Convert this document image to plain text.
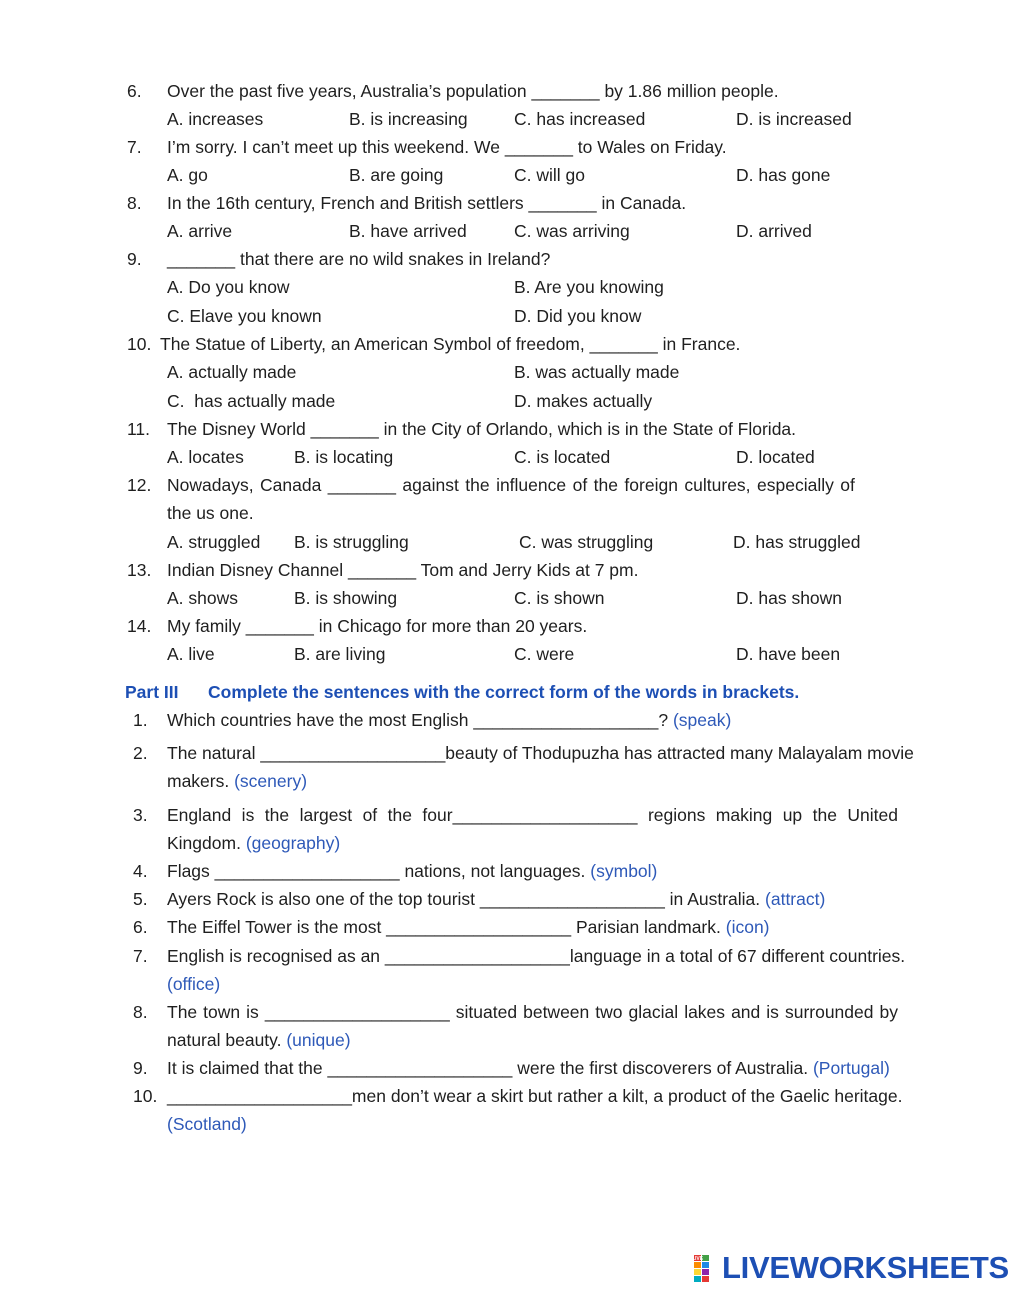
6.	Over the past five years, Australia’s population _______ by 1.86 million people.
A. increases	B. is increasing	C. has increased	D. is increased
7.	I’m sorry. I can’t meet up this weekend. We _______ to Wales on Friday.
A. go	B. are going	C. will go	D. has gone
8.	In the 16th century, French and British settlers _______ in Canada.
A. arrive	B. have arrived	C. was arriving	D. arrived
9.	_______ that there are no wild snakes in Ireland?
A. Do you know	B. Are you knowing
C. Elave you known	D. Did you know
10. The Statue of Liberty, an American Symbol of freedom, _______ in France.
A. actually made	B. was actually made
C.  has actually made	D. makes actually
11. The Disney World _______ in the City of Orlando, which is in the State of Florida.
A. locates	B. is locating	C. is located	D. located
12. Nowadays, Canada _______ against the influence of the foreign cultures, especially of
the us one.
A. struggled B. is struggling	C. was struggling	D. has struggled
13. Indian Disney Channel _______ Tom and Jerry Kids at 7 pm.
A. shows	B. is showing	C. is shown	D. has shown
14. My family _______ in Chicago for more than 20 years.
A. live	B. are living	C. were	D. have been
Part III Complete the sentences with the correct form of the words in brackets.
1.	Which countries have the most English ___________________? (speak)
2.	The natural ___________________beauty of Thodupuzha has attracted many Malayalam movie
makers. (scenery)
3.	England is the largest of the four___________________ regions making up the United
Kingdom. (geography)
4.	Flags ___________________ nations, not languages. (symbol)
5.	Ayers Rock is also one of the top tourist ___________________ in Australia. (attract)
6.	The Eiffel Tower is the most ___________________ Parisian landmark. (icon)
7.	English is recognised as an ___________________language in a total of 67 different countries.
(office)
8.	The town is ___________________ situated between two glacial lakes and is surrounded by
natural beauty. (unique)
9.	It is claimed that the ___________________ were the first discoverers of Australia. (Portugal)
10. ___________________men don’t wear a skirt but rather a kilt, a product of the Gaelic heritage.
(Scotland)
LIVE LIVEWORKSHEETS
